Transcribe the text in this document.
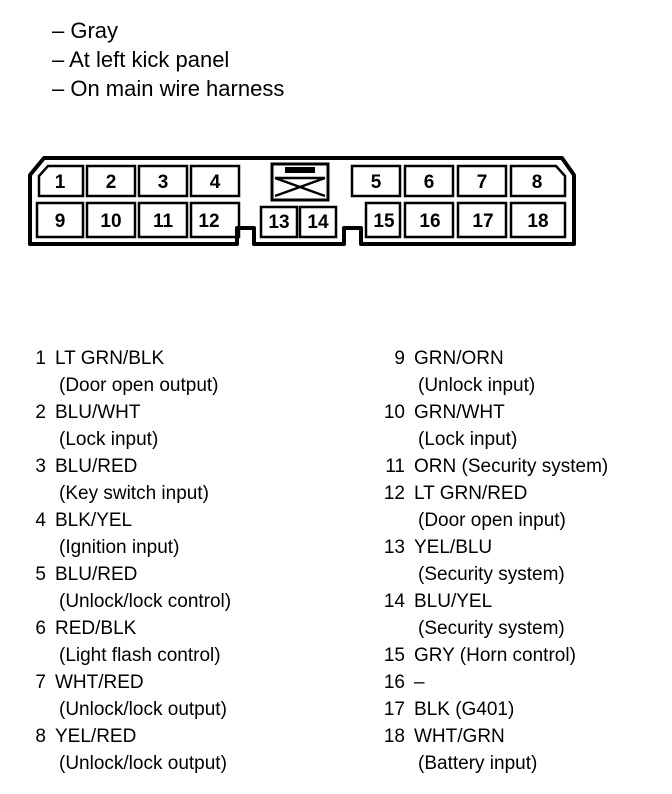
– Gray
– At left kick panel
– On main wire harness
1 2 3 4	5 6 7 8
9 10 11 12	13 14 15 16 17 18
1 LT GRN/BLK
(Door open output)
2 BLU/WHT
(Lock input)
3 BLU/RED
(Key switch input)
4 BLK/YEL
(Ignition input)
5 BLU/RED
(Unlock/lock control)
6 RED/BLK
(Light flash control)
7 WHT/RED
(Unlock/lock output)
8 YEL/RED
(Unlock/lock output)
9 GRN/ORN
(Unlock input)
10 GRN/WHT
(Lock input)
11 ORN (Security system)
12 LT GRN/RED
(Door open input)
13 YEL/BLU
(Security system)
14 BLU/YEL
(Security system)
15 GRY (Horn control)
16 –
17 BLK (G401)
18 WHT/GRN
(Battery input)
